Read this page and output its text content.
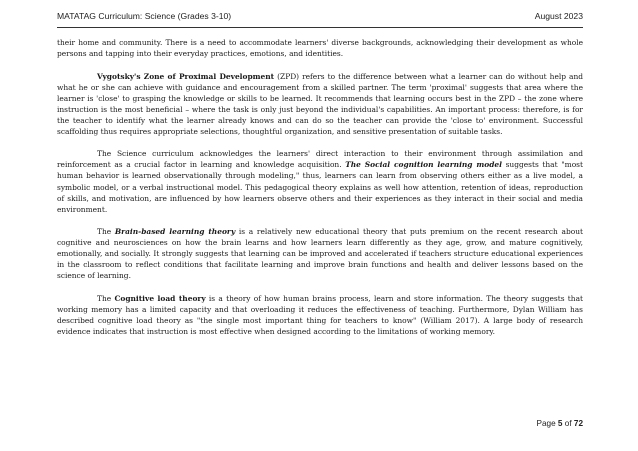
MATATAG Curriculum: Science (Grades 3-10)	August 2023

their home and community. There is a need to accommodate learners' diverse backgrounds, acknowledging their development as whole persons and tapping into their everyday practices, emotions, and identities.

Vygotsky's Zone of Proximal Development (ZPD) refers to the difference between what a learner can do without help and what he or she can achieve with guidance and encouragement from a skilled partner. The term 'proximal' suggests that area where the learner is 'close' to grasping the knowledge or skills to be learned. It recommends that learning occurs best in the ZPD – the zone where instruction is the most beneficial – where the task is only just beyond the individual's capabilities. An important process: therefore, is for the teacher to identify what the learner already knows and can do so the teacher can provide the 'close to' environment. Successful scaffolding thus requires appropriate selections, thoughtful organization, and sensitive presentation of suitable tasks.

The Science curriculum acknowledges the learners' direct interaction to their environment through assimilation and reinforcement as a crucial factor in learning and knowledge acquisition. The Social cognition learning model suggests that "most human behavior is learned observationally through modeling," thus, learners can learn from observing others either as a live model, a symbolic model, or a verbal instructional model. This pedagogical theory explains as well how attention, retention of ideas, reproduction of skills, and motivation, are influenced by how learners observe others and their experiences as they interact in their social and media environment.

The Brain-based learning theory is a relatively new educational theory that puts premium on the recent research about cognitive and neurosciences on how the brain learns and how learners learn differently as they age, grow, and mature cognitively, emotionally, and socially. It strongly suggests that learning can be improved and accelerated if teachers structure educational experiences in the classroom to reflect conditions that facilitate learning and improve brain functions and health and deliver lessons based on the science of learning.

The Cognitive load theory is a theory of how human brains process, learn and store information. The theory suggests that working memory has a limited capacity and that overloading it reduces the effectiveness of teaching. Furthermore, Dylan William has described cognitive load theory as "the single most important thing for teachers to know" (William 2017). A large body of research evidence indicates that instruction is most effective when designed according to the limitations of working memory.

Page 5 of 72
